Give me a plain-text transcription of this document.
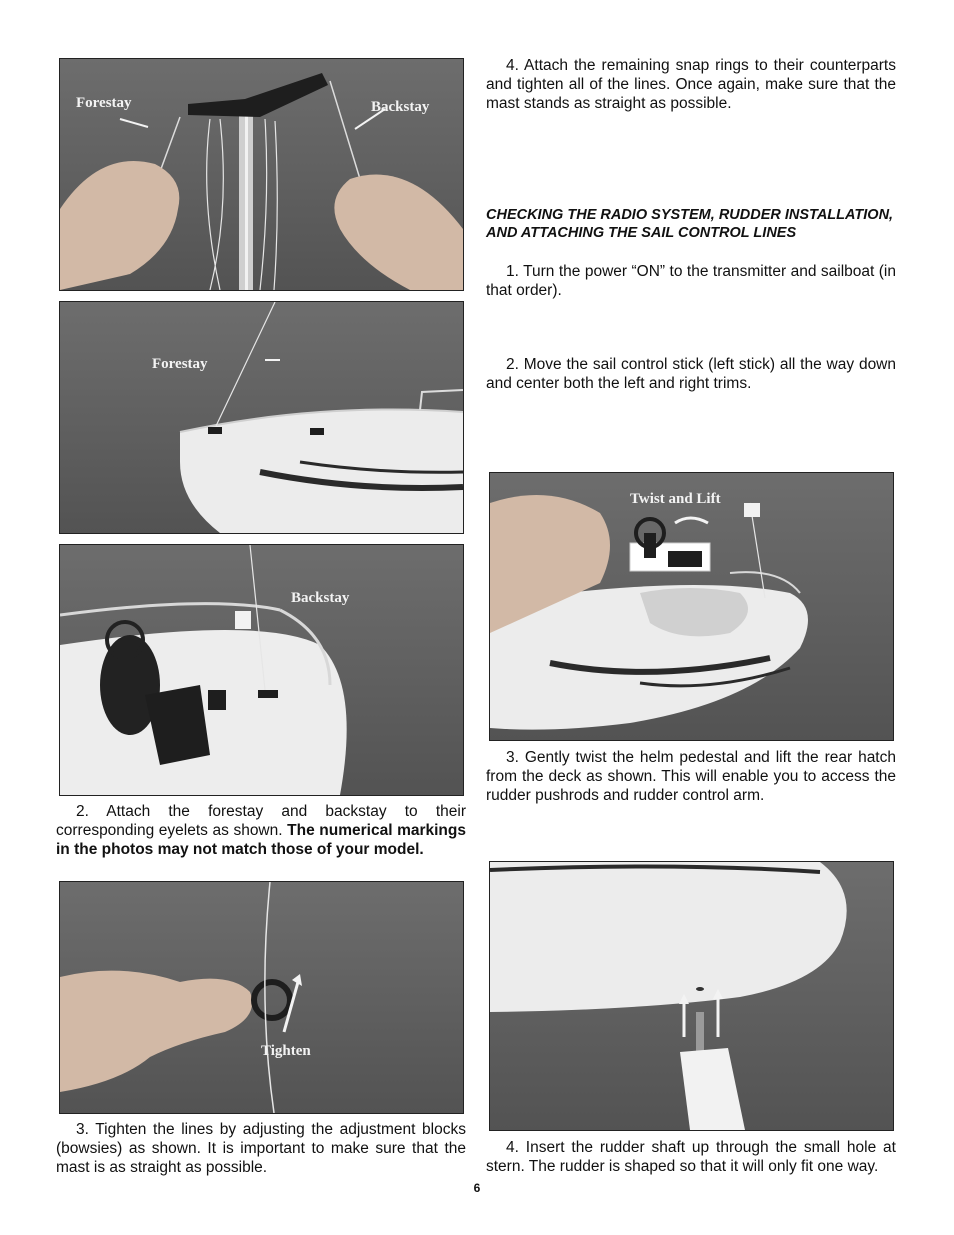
Forestay	Backstay
Forestay
Backstay
Tighten
Twist and Lift

2. Attach the forestay and backstay to their corresponding eyelets as shown. The numerical markings in the photos may not match those of your model.

3. Tighten the lines by adjusting the adjustment blocks (bowsies) as shown. It is important to make sure that the mast is as straight as possible.

4. Attach the remaining snap rings to their counterparts and tighten all of the lines. Once again, make sure that the mast stands as straight as possible.

CHECKING THE RADIO SYSTEM, RUDDER INSTALLATION, AND ATTACHING THE SAIL CONTROL LINES

1. Turn the power “ON” to the transmitter and sailboat (in that order).

2. Move the sail control stick (left stick) all the way down and center both the left and right trims.

3. Gently twist the helm pedestal and lift the rear hatch from the deck as shown. This will enable you to access the rudder pushrods and rudder control arm.

4. Insert the rudder shaft up through the small hole at stern. The rudder is shaped so that it will only fit one way.

6
